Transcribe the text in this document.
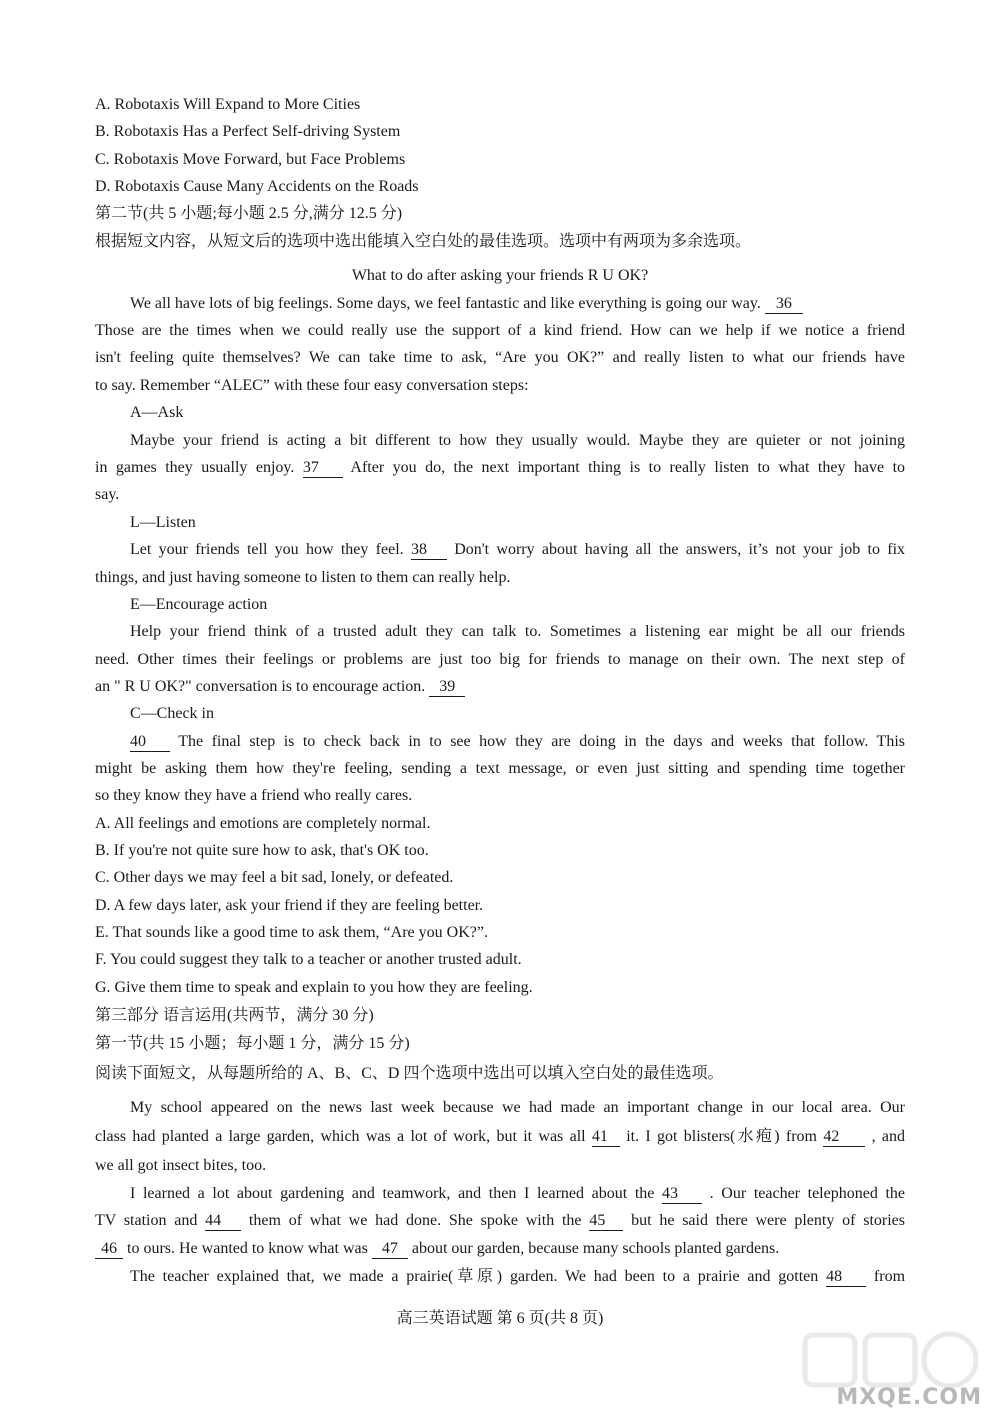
A. Robotaxis Will Expand to More Cities
B. Robotaxis Has a Perfect Self-driving System
C. Robotaxis Move Forward, but Face Problems
D. Robotaxis Cause Many Accidents on the Roads
第二节(共 5 小题;每小题 2.5 分,满分 12.5 分)
根据短文内容，从短文后的选项中选出能填入空白处的最佳选项。选项中有两项为多余选项。
What to do after asking your friends R U OK?
We all have lots of big feelings. Some days, we feel fantastic and like everything is going our way. 36
Those are the times when we could really use the support of a kind friend. How can we help if we notice a friend
isn't feeling quite themselves? We can take time to ask, “Are you OK?” and really listen to what our friends have
to say. Remember “ALEC” with these four easy conversation steps:
A—Ask
Maybe your friend is acting a bit different to how they usually would. Maybe they are quieter or not joining
in games they usually enjoy. 37 After you do, the next important thing is to really listen to what they have to
say.
L—Listen
Let your friends tell you how they feel. 38 Don't worry about having all the answers, it’s not your job to fix
things, and just having someone to listen to them can really help.
E—Encourage action
Help your friend think of a trusted adult they can talk to. Sometimes a listening ear might be all our friends
need. Other times their feelings or problems are just too big for friends to manage on their own. The next step of
an " R U OK?" conversation is to encourage action. 39
C—Check in
40 The final step is to check back in to see how they are doing in the days and weeks that follow. This
might be asking them how they're feeling, sending a text message, or even just sitting and spending time together
so they know they have a friend who really cares.
A. All feelings and emotions are completely normal.
B. If you're not quite sure how to ask, that's OK too.
C. Other days we may feel a bit sad, lonely, or defeated.
D. A few days later, ask your friend if they are feeling better.
E. That sounds like a good time to ask them, “Are you OK?”.
F. You could suggest they talk to a teacher or another trusted adult.
G. Give them time to speak and explain to you how they are feeling.
第三部分 语言运用(共两节，满分 30 分)
第一节(共 15 小题；每小题 1 分，满分 15 分)
阅读下面短文，从每题所给的 A、B、C、D 四个选项中选出可以填入空白处的最佳选项。
My school appeared on the news last week because we had made an important change in our local area. Our
class had planted a large garden, which was a lot of work, but it was all 41 it. I got blisters(水疱) from 42 , and
we all got insect bites, too.
I learned a lot about gardening and teamwork, and then I learned about the 43 . Our teacher telephoned the
TV station and 44 them of what we had done. She spoke with the 45 but he said there were plenty of stories
46 to ours. He wanted to know what was 47 about our garden, because many schools planted gardens.
The teacher explained that, we made a prairie(草原) garden. We had been to a prairie and gotten 48 from
高三英语试题 第 6 页(共 8 页)
MXQE.COM
